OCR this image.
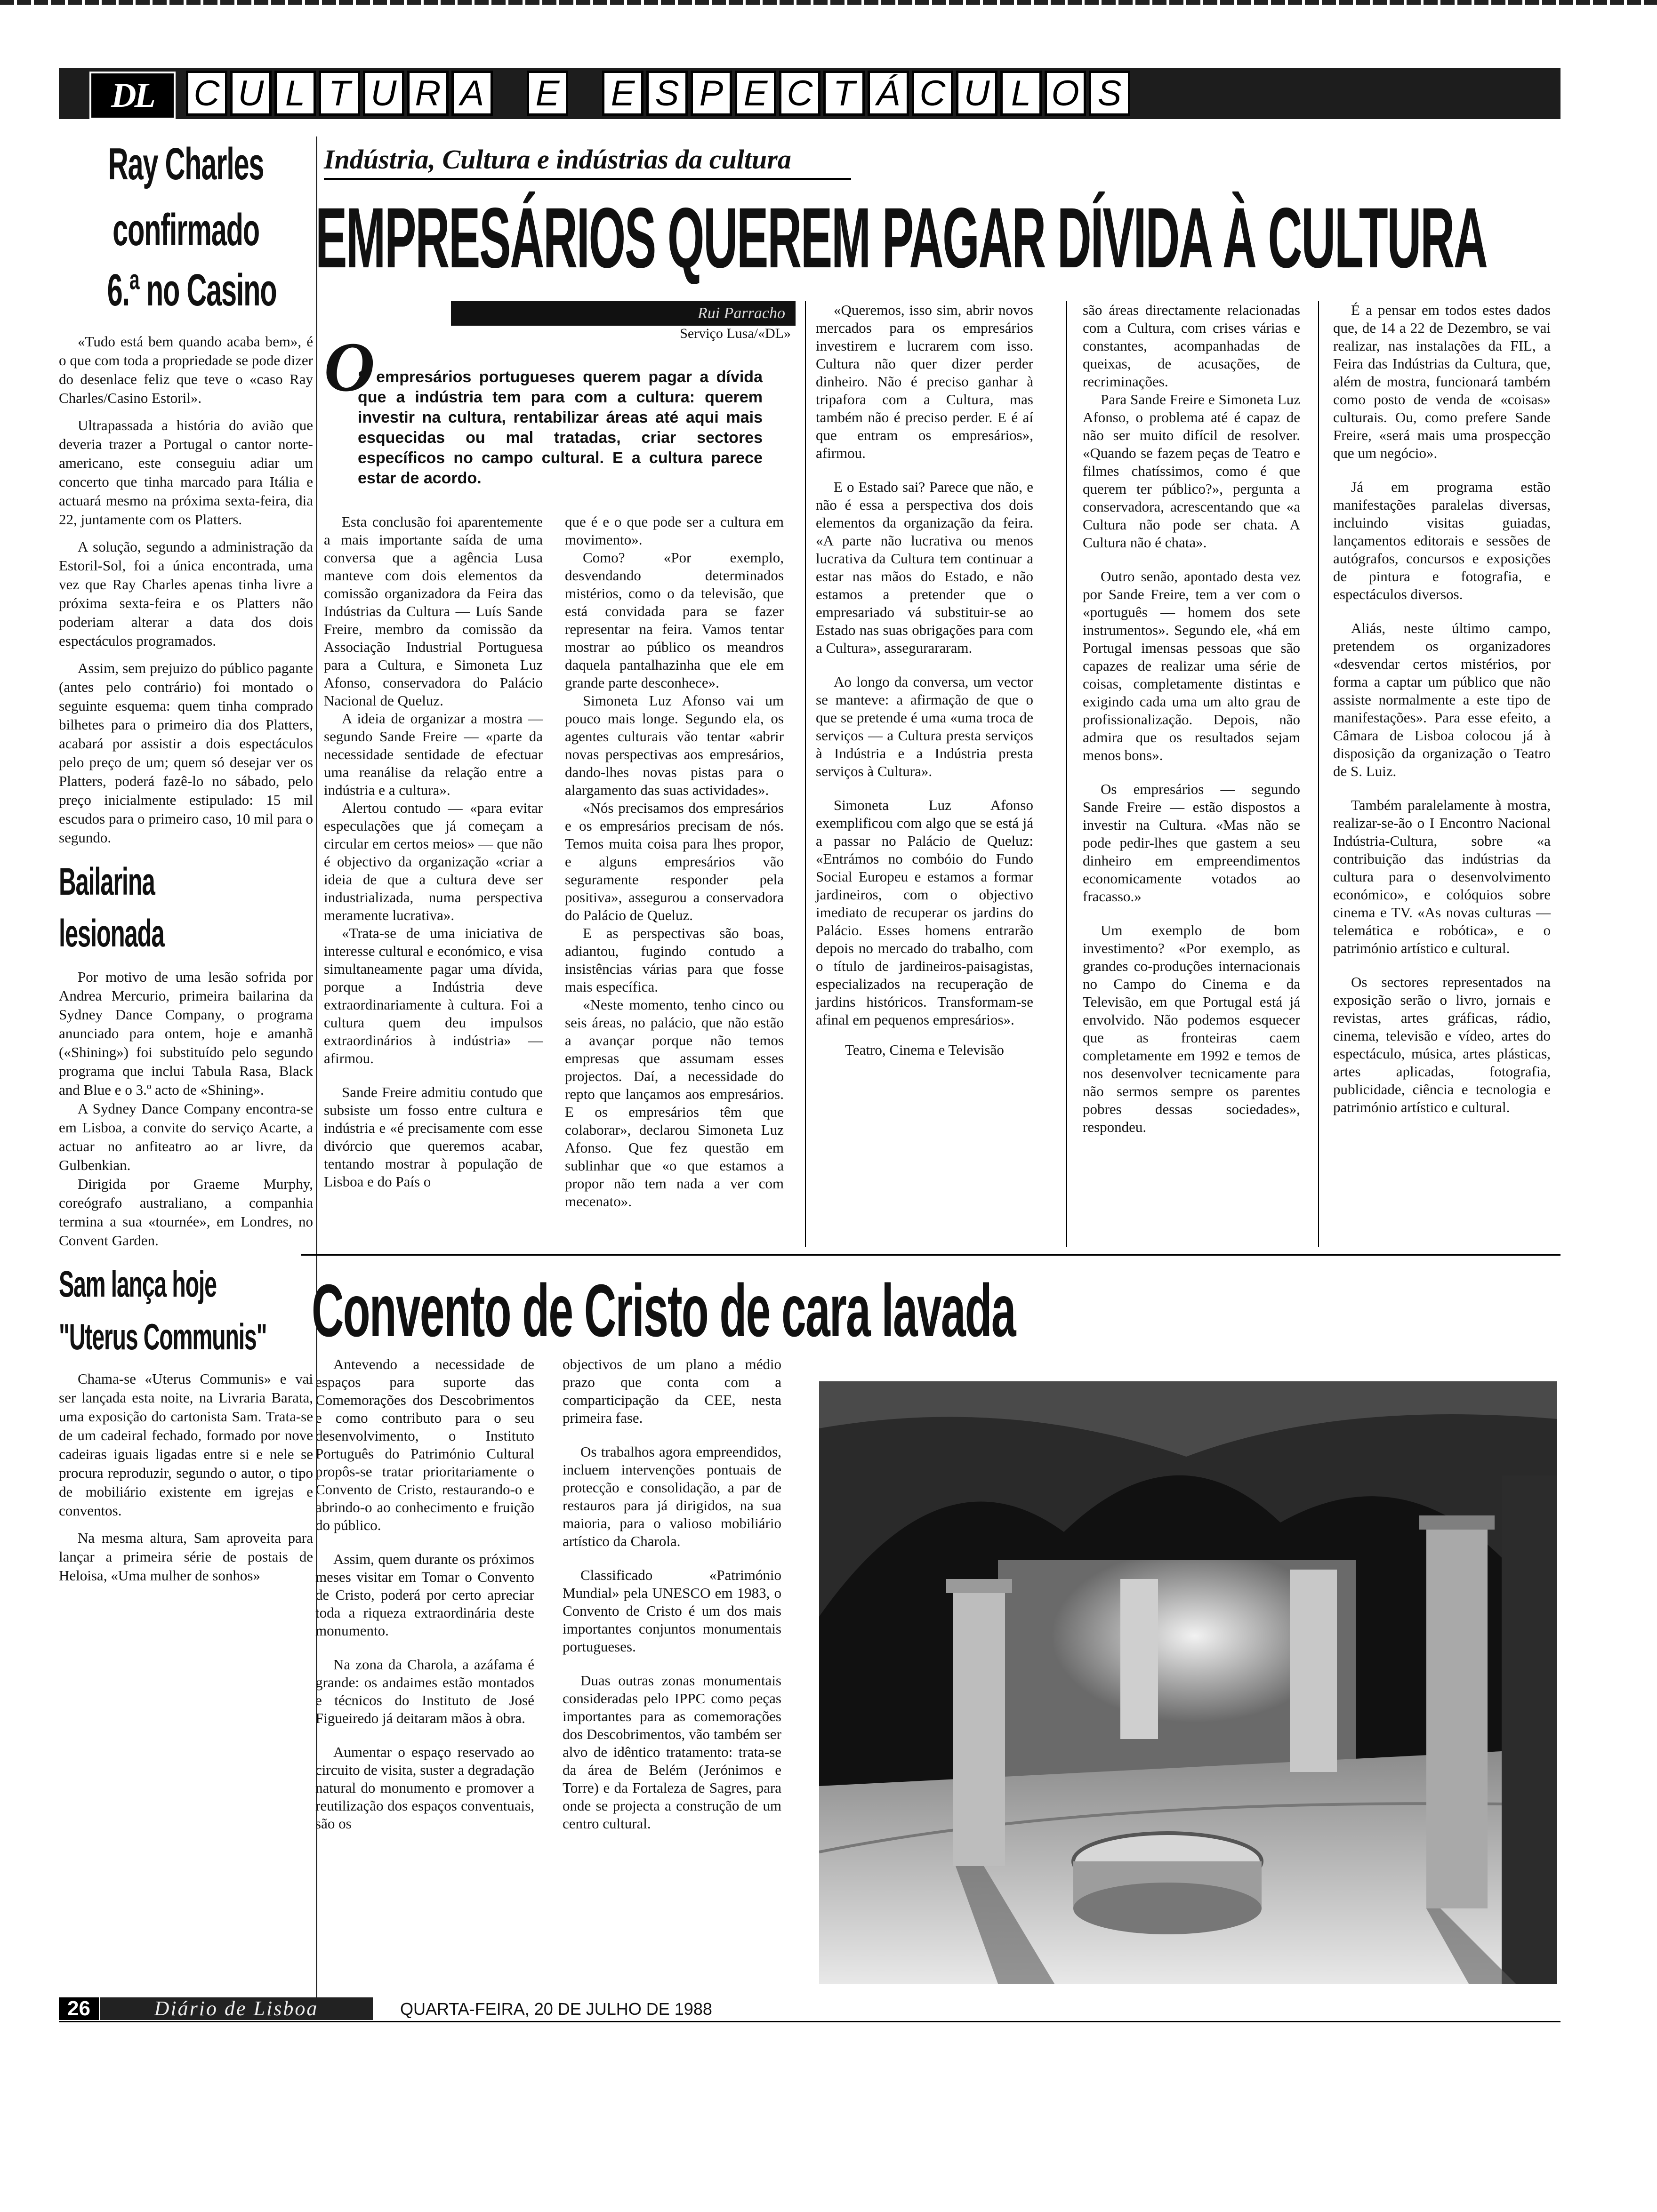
DL	C U L T U R A E E S P E C T Á C U L O S
Ray Charles
confirmado
6.ª no Casino

«Tudo está bem quando acaba bem», é o que com toda a propriedade se pode dizer do desenlace feliz que teve o «caso Ray Charles/Casino Estoril».

Ultrapassada a história do avião que deveria trazer a Portugal o cantor norte-americano, este conseguiu adiar um concerto que tinha marcado para Itália e actuará mesmo na próxima sexta-feira, dia 22, juntamente com os Platters.

A solução, segundo a administração da Estoril-Sol, foi a única encontrada, uma vez que Ray Charles apenas tinha livre a próxima sexta-feira e os Platters não poderiam alterar a data dos dois espectáculos programados.

Assim, sem prejuizo do público pagante (antes pelo contrário) foi montado o seguinte esquema: quem tinha comprado bilhetes para o primeiro dia dos Platters, acabará por assistir a dois espectáculos pelo preço de um; quem só desejar ver os Platters, poderá fazê-lo no sábado, pelo preço inicialmente estipulado: 15 mil escudos para o primeiro caso, 10 mil para o segundo.

Bailarina
lesionada

Por motivo de uma lesão sofrida por Andrea Mercurio, primeira bailarina da Sydney Dance Company, o programa anunciado para ontem, hoje e amanhã («Shining») foi substituído pelo segundo programa que inclui Tabula Rasa, Black and Blue e o 3.º acto de «Shining».

A Sydney Dance Company encontra-se em Lisboa, a convite do serviço Acarte, a actuar no anfiteatro ao ar livre, da Gulbenkian.

Dirigida por Graeme Murphy, coreógrafo australiano, a companhia termina a sua «tournée», em Londres, no Convent Garden.

Sam lança hoje
"Uterus Communis"

Chama-se «Uterus Communis» e vai ser lançada esta noite, na Livraria Barata, uma exposição do cartonista Sam. Trata-se de um cadeiral fechado, formado por nove cadeiras iguais ligadas entre si e nele se procura reproduzir, segundo o autor, o tipo de mobiliário existente em igrejas e conventos.

Na mesma altura, Sam aproveita para lançar a primeira série de postais de Heloisa, «Uma mulher de sonhos»

Indústria, Cultura e indústrias da cultura
EMPRESÁRIOS QUEREM PAGAR DÍVIDA À CULTURA
Rui Parracho
Serviço Lusa/«DL»
O
S empresários portugueses querem pagar a dívida que a indústria tem para com a cultura: querem investir na cultura, rentabilizar áreas até aqui mais esquecidas ou mal tratadas, criar sectores específicos no campo cultural. E a cultura parece estar de acordo.

Esta conclusão foi aparentemente a mais importante saída de uma conversa que a agência Lusa manteve com dois elementos da comissão organizadora da Feira das Indústrias da Cultura — Luís Sande Freire, membro da comissão da Associação Industrial Portuguesa para a Cultura, e Simoneta Luz Afonso, conservadora do Palácio Nacional de Queluz.

A ideia de organizar a mostra — segundo Sande Freire — «parte da necessidade sentidade de efectuar uma reanálise da relação entre a indústria e a cultura».

Alertou contudo — «para evitar especulações que já começam a circular em certos meios» — que não é objectivo da organização «criar a ideia de que a cultura deve ser industrializada, numa perspectiva meramente lucrativa».

«Trata-se de uma iniciativa de interesse cultural e económico, e visa simultaneamente pagar uma dívida, porque a Indústria deve extraordinariamente à cultura. Foi a cultura quem deu impulsos extraordinários à indústria» — afirmou.

Sande Freire admitiu contudo que subsiste um fosso entre cultura e indústria e «é precisamente com esse divórcio que queremos acabar, tentando mostrar à população de Lisboa e do País o

que é e o que pode ser a cultura em movimento».

Como? «Por exemplo, desvendando determinados mistérios, como o da televisão, que está convidada para se fazer representar na feira. Vamos tentar mostrar ao público os meandros daquela pantalhazinha que ele em grande parte desconhece».

Simoneta Luz Afonso vai um pouco mais longe. Segundo ela, os agentes culturais vão tentar «abrir novas perspectivas aos empresários, dando-lhes novas pistas para o alargamento das suas actividades».

«Nós precisamos dos empresários e os empresários precisam de nós. Temos muita coisa para lhes propor, e alguns empresários vão seguramente responder pela positiva», assegurou a conservadora do Palácio de Queluz.

E as perspectivas são boas, adiantou, fugindo contudo a insistências várias para que fosse mais específica.

«Neste momento, tenho cinco ou seis áreas, no palácio, que não estão a avançar porque não temos empresas que assumam esses projectos. Daí, a necessidade do repto que lançamos aos empresários. E os empresários têm que colaborar», declarou Simoneta Luz Afonso. Que fez questão em sublinhar que «o que estamos a propor não tem nada a ver com mecenato».

«Queremos, isso sim, abrir novos mercados para os empresários investirem e lucrarem com isso. Cultura não quer dizer perder dinheiro. Não é preciso ganhar à tripafora com a Cultura, mas também não é preciso perder. E é aí que entram os empresários», afirmou.

E o Estado sai? Parece que não, e não é essa a perspectiva dos dois elementos da organização da feira. «A parte não lucrativa ou menos lucrativa da Cultura tem continuar a estar nas mãos do Estado, e não estamos a pretender que o empresariado vá substituir-se ao Estado nas suas obrigações para com a Cultura», assegurararam.

Ao longo da conversa, um vector se manteve: a afirmação de que o que se pretende é uma «uma troca de serviços — a Cultura presta serviços à Indústria e a Indústria presta serviços à Cultura».

Simoneta Luz Afonso exemplificou com algo que se está já a passar no Palácio de Queluz: «Entrámos no combóio do Fundo Social Europeu e estamos a formar jardineiros, com o objectivo imediato de recuperar os jardins do Palácio. Esses homens entrarão depois no mercado do trabalho, com o título de jardineiros-paisagistas, especializados na recuperação de jardins históricos. Transformam-se afinal em pequenos empresários».

Teatro, Cinema e Televisão

são áreas directamente relacionadas com a Cultura, com crises várias e constantes, acompanhadas de queixas, de acusações, de recriminações.

Para Sande Freire e Simoneta Luz Afonso, o problema até é capaz de não ser muito difícil de resolver. «Quando se fazem peças de Teatro e filmes chatíssimos, como é que querem ter público?», pergunta a conservadora, acrescentando que «a Cultura não pode ser chata. A Cultura não é chata».

Outro senão, apontado desta vez por Sande Freire, tem a ver com o «português — homem dos sete instrumentos». Segundo ele, «há em Portugal imensas pessoas que são capazes de realizar uma série de coisas, completamente distintas e exigindo cada uma um alto grau de profissionalização. Depois, não admira que os resultados sejam menos bons».

Os empresários — segundo Sande Freire — estão dispostos a investir na Cultura. «Mas não se pode pedir-lhes que gastem a seu dinheiro em empreendimentos economicamente votados ao fracasso.»

Um exemplo de bom investimento? «Por exemplo, as grandes co-produções internacionais no Campo do Cinema e da Televisão, em que Portugal está já envolvido. Não podemos esquecer que as fronteiras caem completamente em 1992 e temos de nos desenvolver tecnicamente para não sermos sempre os parentes pobres dessas sociedades», respondeu.

É a pensar em todos estes dados que, de 14 a 22 de Dezembro, se vai realizar, nas instalações da FIL, a Feira das Indústrias da Cultura, que, além de mostra, funcionará também como posto de venda de «coisas» culturais. Ou, como prefere Sande Freire, «será mais uma prospecção que um negócio».

Já em programa estão manifestações paralelas diversas, incluindo visitas guiadas, lançamentos editorais e sessões de autógrafos, concursos e exposições de pintura e fotografia, e espectáculos diversos.

Aliás, neste último campo, pretendem os organizadores «desvendar certos mistérios, por forma a captar um público que não assiste normalmente a este tipo de manifestações». Para esse efeito, a Câmara de Lisboa colocou já à disposição da organização o Teatro de S. Luiz.

Também paralelamente à mostra, realizar-se-ão o I Encontro Nacional Indústria-Cultura, sobre «a contribuição das indústrias da cultura para o desenvolvimento económico», e colóquios sobre cinema e TV. «As novas culturas — telemática e robótica», e o património artístico e cultural.

Os sectores representados na exposição serão o livro, jornais e revistas, artes gráficas, rádio, cinema, televisão e vídeo, artes do espectáculo, música, artes plásticas, artes aplicadas, fotografia, publicidade, ciência e tecnologia e património artístico e cultural.

Convento de Cristo de cara lavada

Antevendo a necessidade de espaços para suporte das Comemorações dos Descobrimentos e como contributo para o seu desenvolvimento, o Instituto Português do Património Cultural propôs-se tratar prioritariamente o Convento de Cristo, restaurando-o e abrindo-o ao conhecimento e fruição do público.

Assim, quem durante os próximos meses visitar em Tomar o Convento de Cristo, poderá por certo apreciar toda a riqueza extraordinária deste monumento.

Na zona da Charola, a azáfama é grande: os andaimes estão montados e técnicos do Instituto de José Figueiredo já deitaram mãos à obra.

Aumentar o espaço reservado ao circuito de visita, suster a degradação natural do monumento e promover a reutilização dos espaços conventuais, são os

objectivos de um plano a médio prazo que conta com a comparticipação da CEE, nesta primeira fase.

Os trabalhos agora empreendidos, incluem intervenções pontuais de protecção e consolidação, a par de restauros para já dirigidos, na sua maioria, para o valioso mobiliário artístico da Charola.

Classificado «Património Mundial» pela UNESCO em 1983, o Convento de Cristo é um dos mais importantes conjuntos monumentais portugueses.

Duas outras zonas monumentais consideradas pelo IPPC como peças importantes para as comemorações dos Descobrimentos, vão também ser alvo de idêntico tratamento: trata-se da área de Belém (Jerónimos e Torre) e da Fortaleza de Sagres, para onde se projecta a construção de um centro cultural.

26	Diário de Lisboa	QUARTA-FEIRA, 20 DE JULHO DE 1988
